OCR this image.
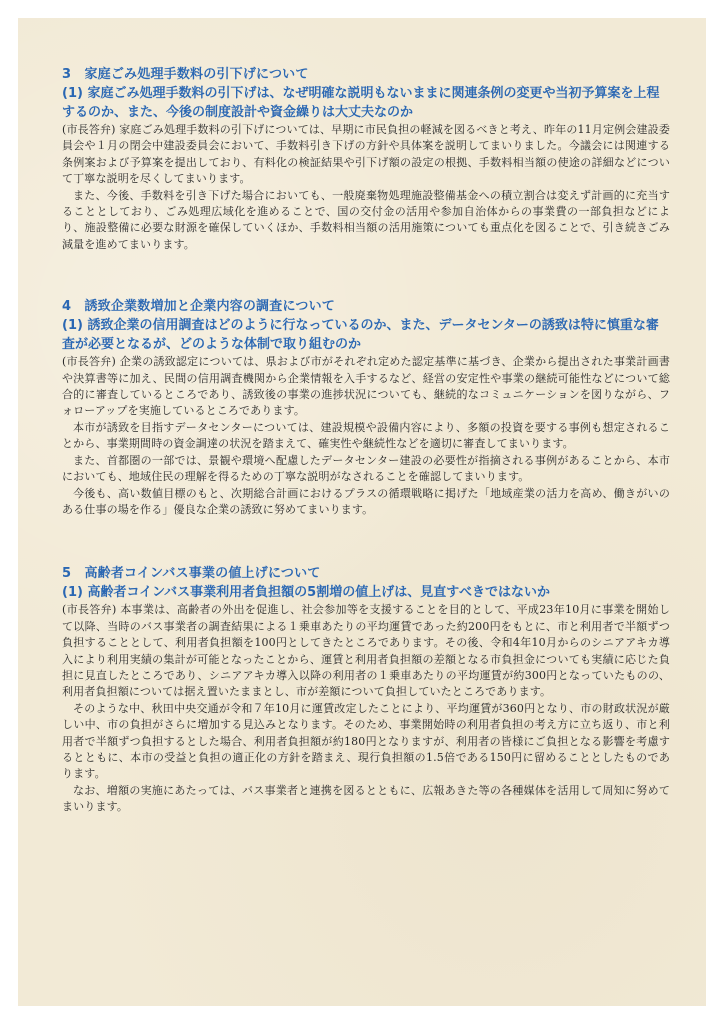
3　家庭ごみ処理手数料の引下げについて

(1) 家庭ごみ処理手数料の引下げは、なぜ明確な説明もないままに関連条例の変更や当初予算案を上程するのか、また、今後の制度設計や資金繰りは大丈夫なのか

(市長答弁) 家庭ごみ処理手数料の引下げについては、早期に市民負担の軽減を図るべきと考え、昨年の11月定例会建設委員会や１月の閉会中建設委員会において、手数料引き下げの方針や具体案を説明してまいりました。今議会には関連する条例案および予算案を提出しており、有料化の検証結果や引下げ額の設定の根拠、手数料相当額の使途の詳細などについて丁寧な説明を尽くしてまいります。

また、今後、手数料を引き下げた場合においても、一般廃棄物処理施設整備基金への積立割合は変えず計画的に充当することとしており、ごみ処理広域化を進めることで、国の交付金の活用や参加自治体からの事業費の一部負担などにより、施設整備に必要な財源を確保していくほか、手数料相当額の活用施策についても重点化を図ることで、引き続きごみ減量を進めてまいります。

4　誘致企業数増加と企業内容の調査について

(1) 誘致企業の信用調査はどのように行なっているのか、また、データセンターの誘致は特に慎重な審査が必要となるが、どのような体制で取り組むのか

(市長答弁) 企業の誘致認定については、県および市がそれぞれ定めた認定基準に基づき、企業から提出された事業計画書や決算書等に加え、民間の信用調査機関から企業情報を入手するなど、経営の安定性や事業の継続可能性などについて総合的に審査しているところであり、誘致後の事業の進捗状況についても、継続的なコミュニケーションを図りながら、フォローアップを実施しているところであります。

本市が誘致を目指すデータセンターについては、建設規模や設備内容により、多額の投資を要する事例も想定されることから、事業期間時の資金調達の状況を踏まえて、確実性や継続性などを適切に審査してまいります。

また、首都圏の一部では、景観や環境へ配慮したデータセンター建設の必要性が指摘される事例があることから、本市においても、地域住民の理解を得るための丁寧な説明がなされることを確認してまいります。

今後も、高い数値目標のもと、次期総合計画におけるプラスの循環戦略に掲げた「地域産業の活力を高め、働きがいのある仕事の場を作る」優良な企業の誘致に努めてまいります。

5　高齢者コインバス事業の値上げについて

(1) 高齢者コインバス事業利用者負担額の5割増の値上げは、見直すべきではないか

(市長答弁) 本事業は、高齢者の外出を促進し、社会参加等を支援することを目的として、平成23年10月に事業を開始して以降、当時のバス事業者の調査結果による１乗車あたりの平均運賃であった約200円をもとに、市と利用者で半額ずつ負担することとして、利用者負担額を100円としてきたところであります。その後、令和4年10月からのシニアアキカ導入により利用実績の集計が可能となったことから、運賃と利用者負担額の差額となる市負担金についても実績に応じた負担に見直したところであり、シニアアキカ導入以降の利用者の１乗車あたりの平均運賃が約300円となっていたものの、利用者負担額については据え置いたままとし、市が差額について負担していたところであります。

そのような中、秋田中央交通が令和７年10月に運賃改定したことにより、平均運賃が360円となり、市の財政状況が厳しい中、市の負担がさらに増加する見込みとなります。そのため、事業開始時の利用者負担の考え方に立ち返り、市と利用者で半額ずつ負担するとした場合、利用者負担額が約180円となりますが、利用者の皆様にご負担となる影響を考慮するとともに、本市の受益と負担の適正化の方針を踏まえ、現行負担額の1.5倍である150円に留めることとしたものであります。

なお、増額の実施にあたっては、バス事業者と連携を図るとともに、広報あきた等の各種媒体を活用して周知に努めてまいります。
